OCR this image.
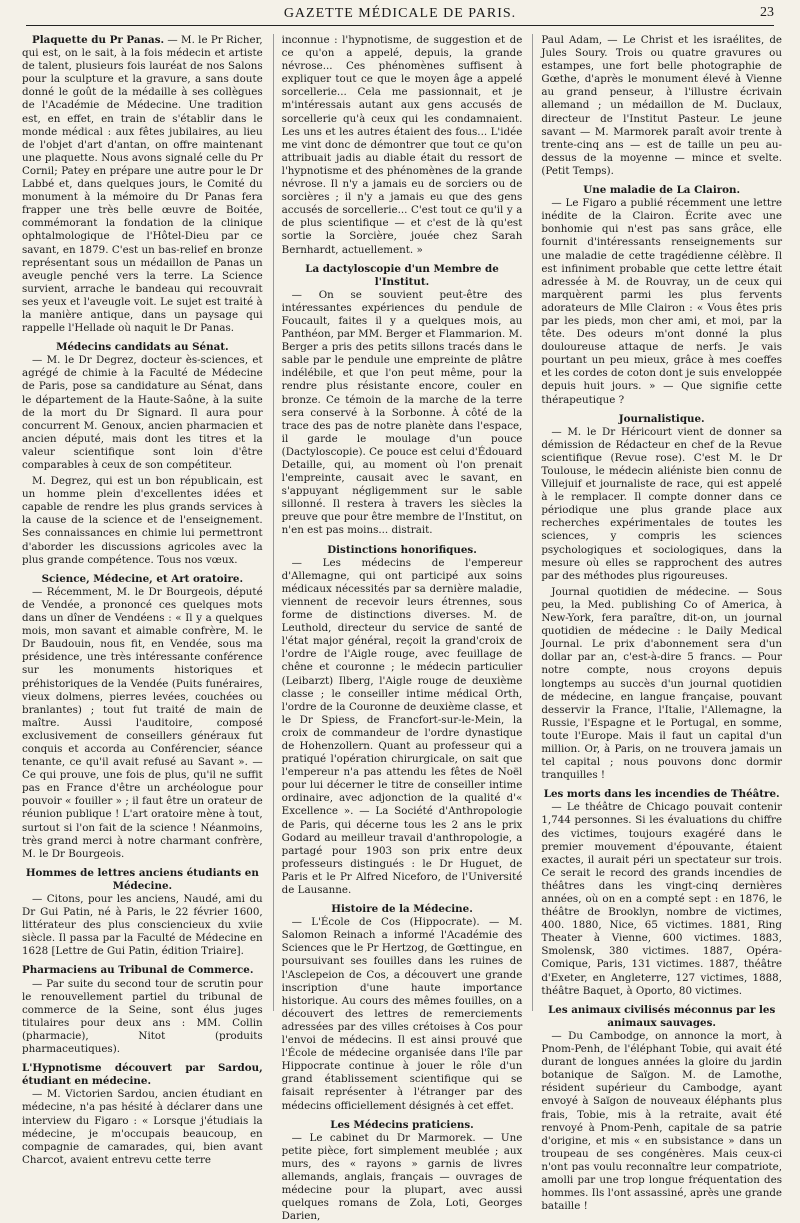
GAZETTE MÉDICALE DE PARIS.	23

Plaquette du Pr Panas. — M. le Pr Richer, qui est, on le sait, à la fois médecin et artiste de talent, plusieurs fois lauréat de nos Salons pour la sculpture et la gravure, a sans doute donné le goût de la médaille à ses collègues de l'Académie de Médecine. Une tradition est, en effet, en train de s'établir dans le monde médical : aux fêtes jubilaires, au lieu de l'objet d'art d'antan, on offre maintenant une plaquette. Nous avons signalé celle du Pr Cornil; Patey en prépare une autre pour le Dr Labbé et, dans quelques jours, le Comité du monument à la mémoire du Dr Panas fera frapper une très belle œuvre de Boitée, commémorant la fondation de la clinique ophtalmologique de l'Hôtel-Dieu par ce savant, en 1879. C'est un bas-relief en bronze représentant sous un médaillon de Panas un aveugle penché vers la terre. La Science survient, arrache le bandeau qui recouvrait ses yeux et l'aveugle voit. Le sujet est traité à la manière antique, dans un paysage qui rappelle l'Hellade où naquit le Dr Panas.

Médecins candidats au Sénat.

— M. le Dr Degrez, docteur ès-sciences, et agrégé de chimie à la Faculté de Médecine de Paris, pose sa candidature au Sénat, dans le département de la Haute-Saône, à la suite de la mort du Dr Signard. Il aura pour concurrent M. Genoux, ancien pharmacien et ancien député, mais dont les titres et la valeur scientifique sont loin d'être comparables à ceux de son compétiteur.

M. Degrez, qui est un bon républicain, est un homme plein d'excellentes idées et capable de rendre les plus grands services à la cause de la science et de l'enseignement. Ses connaissances en chimie lui permettront d'aborder les discussions agricoles avec la plus grande compétence. Tous nos vœux.

Science, Médecine, et Art oratoire.

— Récemment, M. le Dr Bourgeois, député de Vendée, a prononcé ces quelques mots dans un dîner de Vendéens : « Il y a quelques mois, mon savant et aimable confrère, M. le Dr Baudouin, nous fit, en Vendée, sous ma présidence, une très intéressante conférence sur les monuments historiques et préhistoriques de la Vendée (Puits funéraires, vieux dolmens, pierres levées, couchées ou branlantes) ; tout fut traité de main de maître. Aussi l'auditoire, composé exclusivement de conseillers généraux fut conquis et accorda au Conférencier, séance tenante, ce qu'il avait refusé au Savant ». — Ce qui prouve, une fois de plus, qu'il ne suffit pas en France d'être un archéologue pour pouvoir « fouiller » ; il faut être un orateur de réunion publique ! L'art oratoire mène à tout, surtout si l'on fait de la science ! Néanmoins, très grand merci à notre charmant confrère, M. le Dr Bourgeois.

Hommes de lettres anciens étudiants en Médecine.

— Citons, pour les anciens, Naudé, ami du Dr Gui Patin, né à Paris, le 22 février 1600, littérateur des plus consciencieux du xviie siècle. Il passa par la Faculté de Médecine en 1628 [Lettre de Gui Patin, édition Triaire].

Pharmaciens au Tribunal de Commerce.

— Par suite du second tour de scrutin pour le renouvellement partiel du tribunal de commerce de la Seine, sont élus juges titulaires pour deux ans : MM. Collin (pharmacie), Nitot (produits pharmaceutiques).

L'Hypnotisme découvert par Sardou, étudiant en médecine.

— M. Victorien Sardou, ancien étudiant en médecine, n'a pas hésité à déclarer dans une interview du Figaro : « Lorsque j'étudiais la médecine, je m'occupais beaucoup, en compagnie de camarades, qui, bien avant Charcot, avaient entrevu cette terre

inconnue : l'hypnotisme, de suggestion et de ce qu'on a appelé, depuis, la grande névrose... Ces phénomènes suffisent à expliquer tout ce que le moyen âge a appelé sorcellerie... Cela me passionnait, et je m'intéressais autant aux gens accusés de sorcellerie qu'à ceux qui les condamnaient. Les uns et les autres étaient des fous... L'idée me vint donc de démontrer que tout ce qu'on attribuait jadis au diable était du ressort de l'hypnotisme et des phénomènes de la grande névrose. Il n'y a jamais eu de sorciers ou de sorcières ; il n'y a jamais eu que des gens accusés de sorcellerie... C'est tout ce qu'il y a de plus scientifique — et c'est de là qu'est sortie la Sorcière, jouée chez Sarah Bernhardt, actuellement. »

La dactyloscopie d'un Membre de l'Institut.

— On se souvient peut-être des intéressantes expériences du pendule de Foucault, faites il y a quelques mois, au Panthéon, par MM. Berger et Flammarion. M. Berger a pris des petits sillons tracés dans le sable par le pendule une empreinte de plâtre indélébile, et que l'on peut même, pour la rendre plus résistante encore, couler en bronze. Ce témoin de la marche de la terre sera conservé à la Sorbonne. À côté de la trace des pas de notre planète dans l'espace, il garde le moulage d'un pouce (Dactyloscopie). Ce pouce est celui d'Édouard Detaille, qui, au moment où l'on prenait l'empreinte, causait avec le savant, en s'appuyant négligemment sur le sable sillonné. Il restera à travers les siècles la preuve que pour être membre de l'Institut, on n'en est pas moins... distrait.

Distinctions honorifiques.

— Les médecins de l'empereur d'Allemagne, qui ont participé aux soins médicaux nécessités par sa dernière maladie, viennent de recevoir leurs étrennes, sous forme de distinctions diverses. M. de Leuthold, directeur du service de santé de l'état major général, reçoit la grand'croix de l'ordre de l'Aigle rouge, avec feuillage de chêne et couronne ; le médecin particulier (Leibarzt) Ilberg, l'Aigle rouge de deuxième classe ; le conseiller intime médical Orth, l'ordre de la Couronne de deuxième classe, et le Dr Spiess, de Francfort-sur-le-Mein, la croix de commandeur de l'ordre dynastique de Hohenzollern. Quant au professeur qui a pratiqué l'opération chirurgicale, on sait que l'empereur n'a pas attendu les fêtes de Noël pour lui décerner le titre de conseiller intime ordinaire, avec adjonction de la qualité d'« Excellence ». — La Société d'Anthropologie de Paris, qui décerne tous les 2 ans le prix Godard au meilleur travail d'anthropologie, a partagé pour 1903 son prix entre deux professeurs distingués : le Dr Huguet, de Paris et le Pr Alfred Niceforo, de l'Université de Lausanne.

Histoire de la Médecine.

— L'École de Cos (Hippocrate). — M. Salomon Reinach a informé l'Académie des Sciences que le Pr Hertzog, de Gœttingue, en poursuivant ses fouilles dans les ruines de l'Asclepeion de Cos, a découvert une grande inscription d'une haute importance historique. Au cours des mêmes fouilles, on a découvert des lettres de remerciements adressées par des villes crétoises à Cos pour l'envoi de médecins. Il est ainsi prouvé que l'École de médecine organisée dans l'île par Hippocrate continue à jouer le rôle d'un grand établissement scientifique qui se faisait représenter à l'étranger par des médecins officiellement désignés à cet effet.

Les Médecins praticiens.

— Le cabinet du Dr Marmorek. — Une petite pièce, fort simplement meublée ; aux murs, des « rayons » garnis de livres allemands, anglais, français — ouvrages de médecine pour la plupart, avec aussi quelques romans de Zola, Loti, Georges Darien,

Paul Adam, — Le Christ et les israélites, de Jules Soury. Trois ou quatre gravures ou estampes, une fort belle photographie de Gœthe, d'après le monument élevé à Vienne au grand penseur, à l'illustre écrivain allemand ; un médaillon de M. Duclaux, directeur de l'Institut Pasteur. Le jeune savant — M. Marmorek paraît avoir trente à trente-cinq ans — est de taille un peu au-dessus de la moyenne — mince et svelte. (Petit Temps).

Une maladie de La Clairon.

— Le Figaro a publié récemment une lettre inédite de la Clairon. Écrite avec une bonhomie qui n'est pas sans grâce, elle fournit d'intéressants renseignements sur une maladie de cette tragédienne célèbre. Il est infiniment probable que cette lettre était adressée à M. de Rouvray, un de ceux qui marquèrent parmi les plus fervents adorateurs de Mlle Clairon : « Vous êtes pris par les pieds, mon cher ami, et moi, par la tête. Des odeurs m'ont donné la plus douloureuse attaque de nerfs. Je vais pourtant un peu mieux, grâce à mes coeffes et les cordes de coton dont je suis enveloppée depuis huit jours. » — Que signifie cette thérapeutique ?

Journalistique.

— M. le Dr Héricourt vient de donner sa démission de Rédacteur en chef de la Revue scientifique (Revue rose). C'est M. le Dr Toulouse, le médecin aliéniste bien connu de Villejuif et journaliste de race, qui est appelé à le remplacer. Il compte donner dans ce périodique une plus grande place aux recherches expérimentales de toutes les sciences, y compris les sciences psychologiques et sociologiques, dans la mesure où elles se rapprochent des autres par des méthodes plus rigoureuses.

Journal quotidien de médecine. — Sous peu, la Med. publishing Co of America, à New-York, fera paraître, dit-on, un journal quotidien de médecine : le Daily Medical Journal. Le prix d'abonnement sera d'un dollar par an, c'est-à-dire 5 francs. — Pour notre compte, nous croyons depuis longtemps au succès d'un journal quotidien de médecine, en langue française, pouvant desservir la France, l'Italie, l'Allemagne, la Russie, l'Espagne et le Portugal, en somme, toute l'Europe. Mais il faut un capital d'un million. Or, à Paris, on ne trouvera jamais un tel capital ; nous pouvons donc dormir tranquilles !

Les morts dans les incendies de Théâtre.

— Le théâtre de Chicago pouvait contenir 1,744 personnes. Si les évaluations du chiffre des victimes, toujours exagéré dans le premier mouvement d'épouvante, étaient exactes, il aurait péri un spectateur sur trois. Ce serait le record des grands incendies de théâtres dans les vingt-cinq dernières années, où on en a compté sept : en 1876, le théâtre de Brooklyn, nombre de victimes, 400. 1880, Nice, 65 victimes. 1881, Ring Theater à Vienne, 600 victimes. 1883, Smolensk, 380 victimes. 1887, Opéra-Comique, Paris, 131 victimes. 1887, théâtre d'Exeter, en Angleterre, 127 victimes, 1888, théâtre Baquet, à Oporto, 80 victimes.

Les animaux civilisés méconnus par les animaux sauvages.

— Du Cambodge, on annonce la mort, à Pnom-Penh, de l'éléphant Tobie, qui avait été durant de longues années la gloire du jardin botanique de Saïgon. M. de Lamothe, résident supérieur du Cambodge, ayant envoyé à Saïgon de nouveaux éléphants plus frais, Tobie, mis à la retraite, avait été renvoyé à Pnom-Penh, capitale de sa patrie d'origine, et mis « en subsistance » dans un troupeau de ses congénères. Mais ceux-ci n'ont pas voulu reconnaître leur compatriote, amolli par une trop longue fréquentation des hommes. Ils l'ont assassiné, après une grande bataille !
